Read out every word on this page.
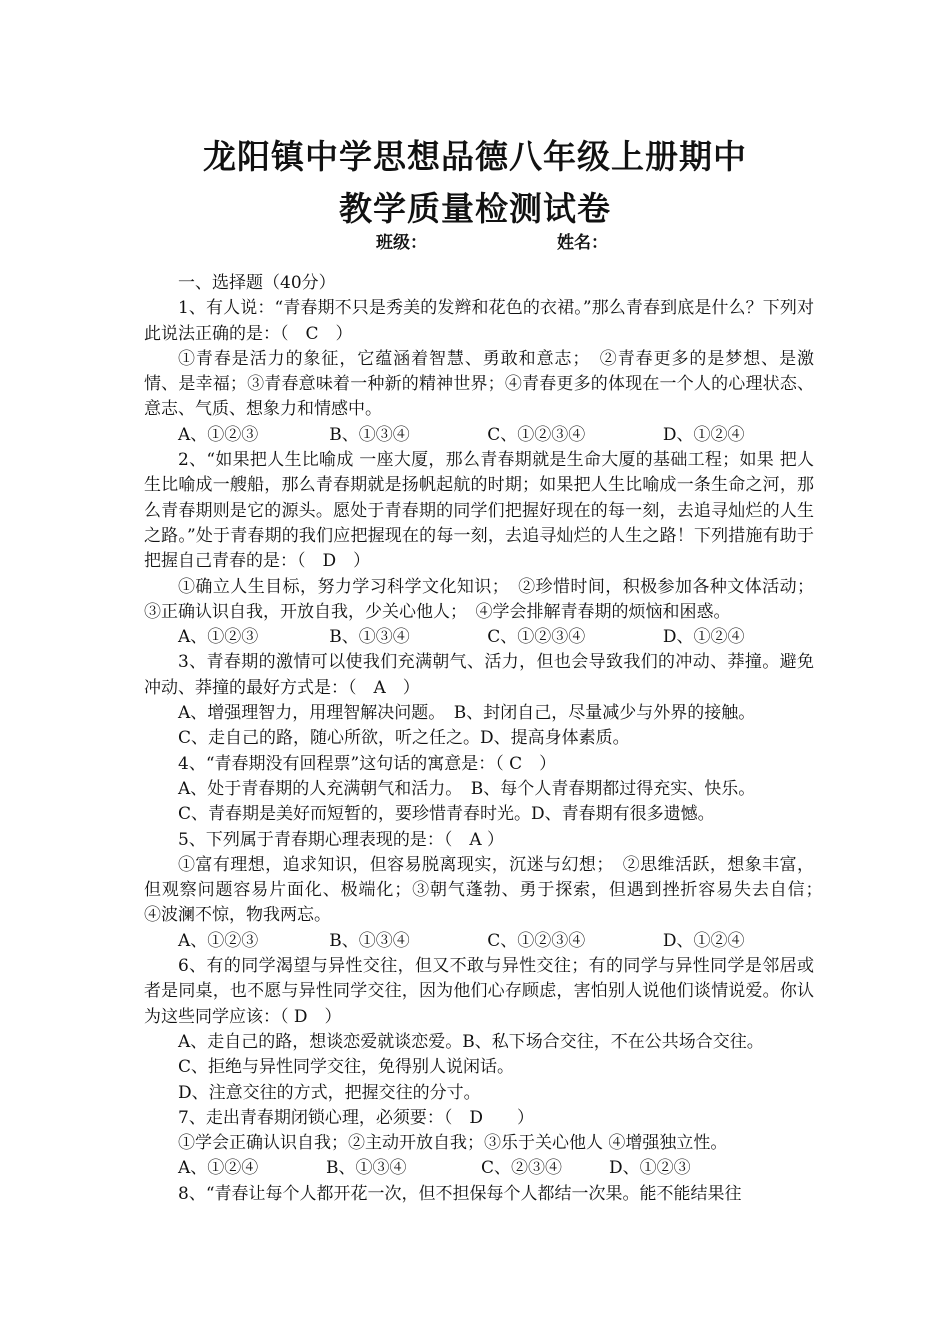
龙阳镇中学思想品德八年级上册期中
教学质量检测试卷
班级：	姓名：

一、选择题（40分）

1、有人说：“青春期不只是秀美的发辫和花色的衣裙。”那么青春到底是什么？下列对此说法正确的是：（　C　）

①青春是活力的象征，它蕴涵着智慧、勇敢和意志；　②青春更多的是梦想、是激情、是幸福；③青春意味着一种新的精神世界；④青春更多的体现在一个人的心理状态、意志、气质、想象力和情感中。

A、①②③	B、①③④	C、①②③④	D、①②④

2、“如果把人生比喻成 一座大厦，那么青春期就是生命大厦的基础工程；如果 把人生比喻成一艘船，那么青春期就是扬帆起航的时期；如果把人生比喻成一条生命之河，那么青春期则是它的源头。愿处于青春期的同学们把握好现在的每一刻，去追寻灿烂的人生之路。”处于青春期的我们应把握现在的每一刻，去追寻灿烂的人生之路！下列措施有助于把握自己青春的是：（　D　）

①确立人生目标，努力学习科学文化知识；　②珍惜时间，积极参加各种文体活动；③正确认识自我，开放自我，少关心他人；　④学会排解青春期的烦恼和困惑。

A、①②③	B、①③④	C、①②③④	D、①②④

3、青春期的激情可以使我们充满朝气、活力，但也会导致我们的冲动、莽撞。避免冲动、莽撞的最好方式是：（　A　）

A、增强理智力，用理智解决问题。　B、封闭自己，尽量减少与外界的接触。

C、走自己的路，随心所欲，听之任之。D、提高身体素质。

4、“青春期没有回程票”这句话的寓意是：（ C　）

A、处于青春期的人充满朝气和活力。　B、每个人青春期都过得充实、快乐。

C、青春期是美好而短暂的，要珍惜青春时光。D、青春期有很多遗憾。

5、下列属于青春期心理表现的是：（　A ）

①富有理想，追求知识，但容易脱离现实，沉迷与幻想；　②思维活跃，想象丰富，但观察问题容易片面化、极端化；③朝气蓬勃、勇于探索，但遇到挫折容易失去自信；　④波澜不惊，物我两忘。

A、①②③	B、①③④	C、①②③④	D、①②④

6、有的同学渴望与异性交往，但又不敢与异性交往；有的同学与异性同学是邻居或者是同桌，也不愿与异性同学交往，因为他们心存顾虑，害怕别人说他们谈情说爱。你认为这些同学应该：（ D　）

A、走自己的路，想谈恋爱就谈恋爱。B、私下场合交往，不在公共场合交往。

C、拒绝与异性同学交往，免得别人说闲话。

D、注意交往的方式，把握交往的分寸。

7、走出青春期闭锁心理，必须要：（　D　　）

①学会正确认识自我；②主动开放自我；③乐于关心他人 ④增强独立性。

A、①②④	B、①③④	C、②③④	D、①②③

8、“青春让每个人都开花一次，但不担保每个人都结一次果。能不能结果往
